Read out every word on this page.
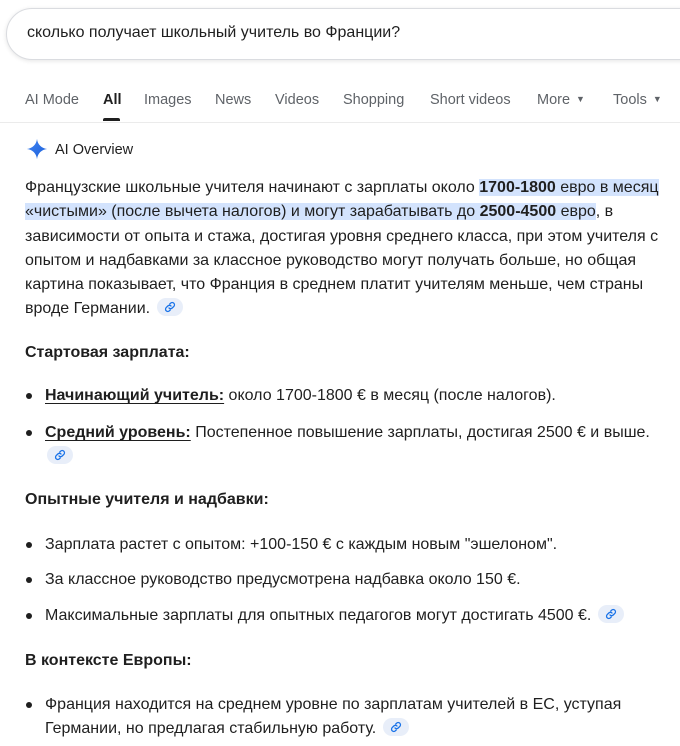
сколько получает школьный учитель во Франции?
AI Mode All Images News Videos Shopping Short videos More ▼ Tools ▼
AI Overview
Французские школьные учителя начинают с зарплаты около 1700-1800 евро в месяц «чистыми» (после вычета налогов) и могут зарабатывать до 2500-4500 евро, в зависимости от опыта и стажа, достигая уровня среднего класса, при этом учителя с опытом и надбавками за классное руководство могут получать больше, но общая картина показывает, что Франция в среднем платит учителям меньше, чем страны вроде Германии.
Стартовая зарплата:
Начинающий учитель: около 1700-1800 € в месяц (после налогов).
Средний уровень: Постепенное повышение зарплаты, достигая 2500 € и выше.
Опытные учителя и надбавки:
Зарплата растет с опытом: +100-150 € с каждым новым "эшелоном".
За классное руководство предусмотрена надбавка около 150 €.
Максимальные зарплаты для опытных педагогов могут достигать 4500 €.
В контексте Европы:
Франция находится на среднем уровне по зарплатам учителей в ЕС, уступая Германии, но предлагая стабильную работу.
